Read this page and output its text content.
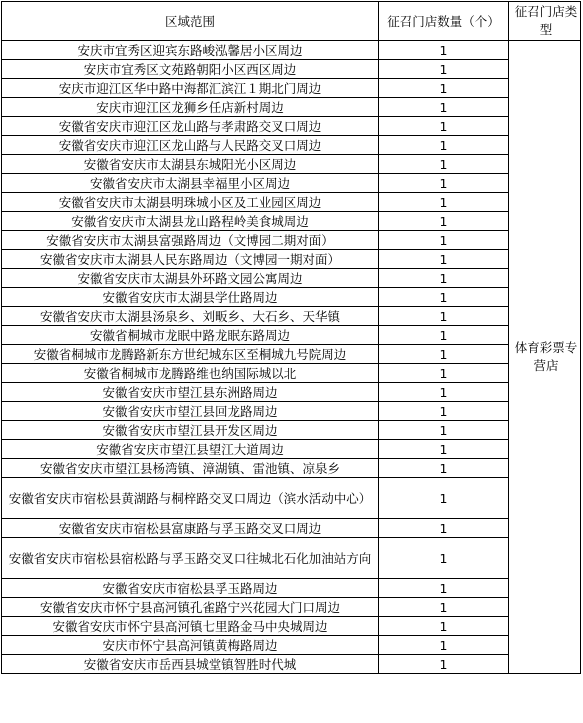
区域范围	征召门店数量（个）	征召门店类型

安庆市宜秀区迎宾东路峻泓馨居小区周边	1	体育彩票专营店

安庆市宜秀区文苑路朝阳小区西区周边	1	
安庆市迎江区华中路中海都汇滨江１期北门周边	1	
安庆市迎江区龙狮乡任店新村周边	1	
安徽省安庆市迎江区龙山路与孝肃路交叉口周边	1	
安徽省安庆市迎江区龙山路与人民路交叉口周边	1	
安徽省安庆市太湖县东城阳光小区周边	1	
安徽省安庆市太湖县幸福里小区周边	1	
安徽省安庆市太湖县明珠城小区及工业园区周边	1	
安徽省安庆市太湖县龙山路程岭美食城周边	1	
安徽省安庆市太湖县富强路周边（文博园二期对面）	1	
安徽省安庆市太湖县人民东路周边（文博园一期对面）	1	
安徽省安庆市太湖县外环路文园公寓周边	1	
安徽省安庆市太湖县学仕路周边	1	
安徽省安庆市太湖县汤泉乡、刘畈乡、大石乡、天华镇	1	
安徽省桐城市龙眠中路龙眠东路周边	1	
安徽省桐城市龙腾路新东方世纪城东区至桐城九号院周边	1	
安徽省桐城市龙腾路维也纳国际城以北	1	
安徽省安庆市望江县东洲路周边	1	
安徽省安庆市望江县回龙路周边	1	
安徽省安庆市望江县开发区周边	1	
安徽省安庆市望江县望江大道周边	1	
安徽省安庆市望江县杨湾镇、漳湖镇、雷池镇、凉泉乡	1	
安徽省安庆市宿松县黄湖路与桐梓路交叉口周边（滨水活动中心）	1	
安徽省安庆市宿松县富康路与孚玉路交叉口周边	1	
安徽省安庆市宿松县宿松路与孚玉路交叉口往城北石化加油站方向	1	
安徽省安庆市宿松县孚玉路周边	1	
安徽省安庆市怀宁县高河镇孔雀路宁兴花园大门口周边	1	
安徽省安庆市怀宁县高河镇七里路金马中央城周边	1	
安庆市怀宁县高河镇黄梅路周边	1	
安徽省安庆市岳西县城堂镇智胜时代城	1	
